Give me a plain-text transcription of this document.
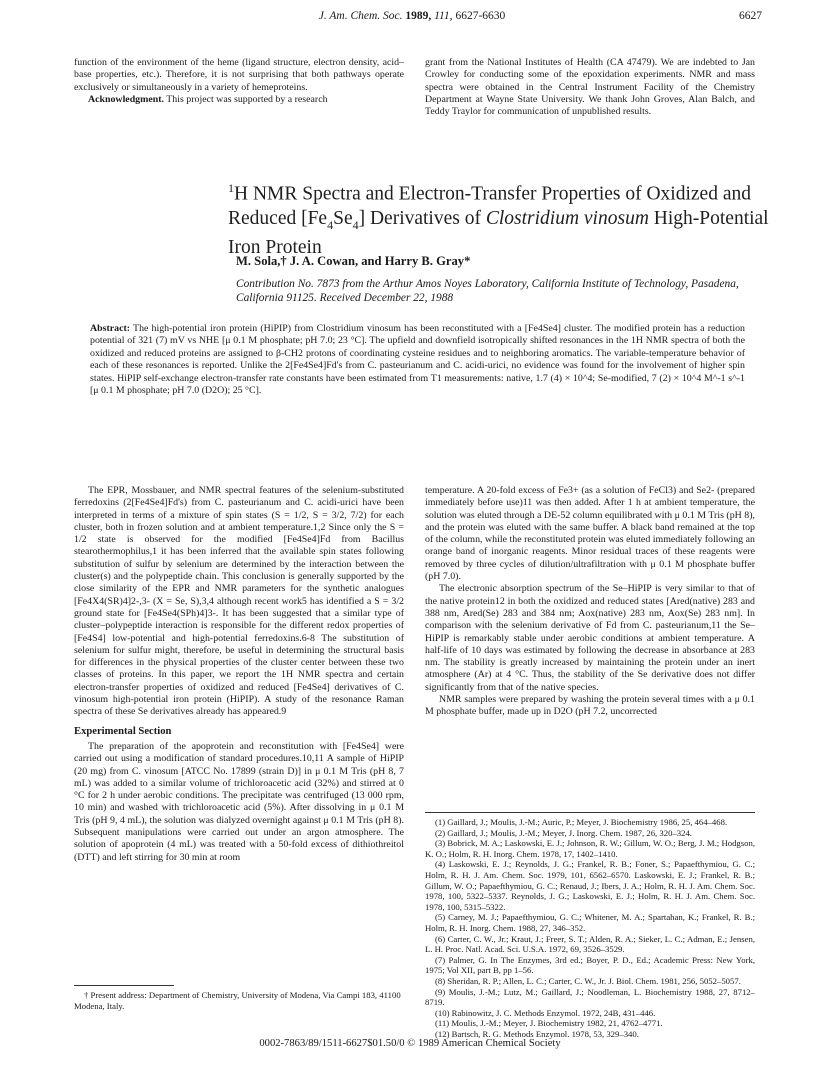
J. Am. Chem. Soc. 1989, 111, 6627-6630	6627

function of the environment of the heme (ligand structure, electron density, acid–base properties, etc.). Therefore, it is not surprising that both pathways operate exclusively or simultaneously in a variety of hemeproteins.

Acknowledgment. This project was supported by a research

grant from the National Institutes of Health (CA 47479). We are indebted to Jan Crowley for conducting some of the epoxidation experiments. NMR and mass spectra were obtained in the Central Instrument Facility of the Chemistry Department at Wayne State University. We thank John Groves, Alan Balch, and Teddy Traylor for communication of unpublished results.

$^1$H NMR Spectra and Electron-Transfer Properties of Oxidized and Reduced $[Fe_4Se_4]$ Derivatives of Clostridium vinosum High-Potential Iron Protein
M. Sola,† J. A. Cowan, and Harry B. Gray*
Contribution No. 7873 from the Arthur Amos Noyes Laboratory, California Institute of Technology, Pasadena, California 91125. Received December 22, 1988
Abstract: The high-potential iron protein (HiPIP) from Clostridium vinosum has been reconstituted with a [Fe4Se4] cluster. The modified protein has a reduction potential of 321 (7) mV vs NHE [μ 0.1 M phosphate; pH 7.0; 23 °C]. The upfield and downfield isotropically shifted resonances in the 1H NMR spectra of both the oxidized and reduced proteins are assigned to β-CH2 protons of coordinating cysteine residues and to neighboring aromatics. The variable-temperature behavior of each of these resonances is reported. Unlike the 2[Fe4Se4]Fd's from C. pasteurianum and C. acidi-urici, no evidence was found for the involvement of higher spin states. HiPIP self-exchange electron-transfer rate constants have been estimated from T1 measurements: native, 1.7 (4) × 10^4; Se-modified, 7 (2) × 10^4 M^-1 s^-1 [μ 0.1 M phosphate; pH 7.0 (D2O); 25 °C].

The EPR, Mossbauer, and NMR spectral features of the selenium-substituted ferredoxins (2[Fe4Se4]Fd's) from C. pasteurianum and C. acidi-urici have been interpreted in terms of a mixture of spin states (S = 1/2, S = 3/2, 7/2) for each cluster, both in frozen solution and at ambient temperature.1,2 Since only the S = 1/2 state is observed for the modified [Fe4Se4]Fd from Bacillus stearothermophilus,1 it has been inferred that the available spin states following substitution of sulfur by selenium are determined by the interaction between the cluster(s) and the polypeptide chain. This conclusion is generally supported by the close similarity of the EPR and NMR parameters for the synthetic analogues [Fe4X4(SR)4]2-,3- (X = Se, S),3,4 although recent work5 has identified a S = 3/2 ground state for [Fe4Se4(SPh)4]3-. It has been suggested that a similar type of cluster–polypeptide interaction is responsible for the different redox properties of [Fe4S4] low-potential and high-potential ferredoxins.6-8 The substitution of selenium for sulfur might, therefore, be useful in determining the structural basis for differences in the physical properties of the cluster center between these two classes of proteins. In this paper, we report the 1H NMR spectra and certain electron-transfer properties of oxidized and reduced [Fe4Se4] derivatives of C. vinosum high-potential iron protein (HiPIP). A study of the resonance Raman spectra of these Se derivatives already has appeared.9

Experimental Section

The preparation of the apoprotein and reconstitution with [Fe4Se4] were carried out using a modification of standard procedures.10,11 A sample of HiPIP (20 mg) from C. vinosum [ATCC No. 17899 (strain D)] in μ 0.1 M Tris (pH 8, 7 mL) was added to a similar volume of trichloroacetic acid (32%) and stirred at 0 °C for 2 h under aerobic conditions. The precipitate was centrifuged (13 000 rpm, 10 min) and washed with trichloroacetic acid (5%). After dissolving in μ 0.1 M Tris (pH 9, 4 mL), the solution was dialyzed overnight against μ 0.1 M Tris (pH 8). Subsequent manipulations were carried out under an argon atmosphere. The solution of apoprotein (4 mL) was treated with a 50-fold excess of dithiothreitol (DTT) and left stirring for 30 min at room

temperature. A 20-fold excess of Fe3+ (as a solution of FeCl3) and Se2- (prepared immediately before use)11 was then added. After 1 h at ambient temperature, the solution was eluted through a DE-52 column equilibrated with μ 0.1 M Tris (pH 8), and the protein was eluted with the same buffer. A black band remained at the top of the column, while the reconstituted protein was eluted immediately following an orange band of inorganic reagents. Minor residual traces of these reagents were removed by three cycles of dilution/ultrafiltration with μ 0.1 M phosphate buffer (pH 7.0).

The electronic absorption spectrum of the Se–HiPIP is very similar to that of the native protein12 in both the oxidized and reduced states [Ared(native) 283 and 388 nm, Ared(Se) 283 and 384 nm; Aox(native) 283 nm, Aox(Se) 283 nm]. In comparison with the selenium derivative of Fd from C. pasteurianum,11 the Se–HiPIP is remarkably stable under aerobic conditions at ambient temperature. A half-life of 10 days was estimated by following the decrease in absorbance at 283 nm. The stability is greatly increased by maintaining the protein under an inert atmosphere (Ar) at 4 °C. Thus, the stability of the Se derivative does not differ significantly from that of the native species.

NMR samples were prepared by washing the protein several times with a μ 0.1 M phosphate buffer, made up in D2O (pH 7.2, uncorrected

(1) Gaillard, J.; Moulis, J.-M.; Auric, P.; Meyer, J. Biochemistry 1986, 25, 464–468.

(2) Gaillard, J.; Moulis, J.-M.; Meyer, J. Inorg. Chem. 1987, 26, 320–324.

(3) Bobrick, M. A.; Laskowski, E. J.; Johnson, R. W.; Gillum, W. O.; Berg, J. M.; Hodgson, K. O.; Holm, R. H. Inorg. Chem. 1978, 17, 1402–1410.

(4) Laskowski, E. J.; Reynolds, J. G.; Frankel, R. B.; Foner, S.; Papaefthymiou, G. C.; Holm, R. H. J. Am. Chem. Soc. 1979, 101, 6562–6570. Laskowski, E. J.; Frankel, R. B.; Gillum, W. O.; Papaefthymiou, G. C.; Renaud, J.; Ibers, J. A.; Holm, R. H. J. Am. Chem. Soc. 1978, 100, 5322–5337. Reynolds, J. G.; Laskowski, E. J.; Holm, R. H. J. Am. Chem. Soc. 1978, 100, 5315–5322.

(5) Carney, M. J.; Papaefthymiou, G. C.; Whitener, M. A.; Spartahan, K.; Frankel, R. B.; Holm, R. H. Inorg. Chem. 1988, 27, 346–352.

(6) Carter, C. W., Jr.; Kraut, J.; Freer, S. T.; Alden, R. A.; Sieker, L. C.; Adman, E.; Jensen, L. H. Proc. Natl. Acad. Sci. U.S.A. 1972, 69, 3526–3529.

(7) Palmer, G. In The Enzymes, 3rd ed.; Boyer, P. D., Ed.; Academic Press: New York, 1975; Vol XII, part B, pp 1–56.

(8) Sheridan, R. P.; Allen, L. C.; Carter, C. W., Jr. J. Biol. Chem. 1981, 256, 5052–5057.

(9) Moulis, J.-M.; Lutz, M.; Gaillard, J.; Noodleman, L. Biochemistry 1988, 27, 8712–8719.

(10) Rabinowitz, J. C. Methods Enzymol. 1972, 24B, 431–446.

(11) Moulis, J.-M.; Meyer, J. Biochemistry 1982, 21, 4762–4771.

(12) Bartsch, R. G. Methods Enzymol. 1978, 53, 329–340.

† Present address: Department of Chemistry, University of Modena, Via Campi 183, 41100 Modena, Italy.

0002-7863/89/1511-6627$01.50/0 © 1989 American Chemical Society
